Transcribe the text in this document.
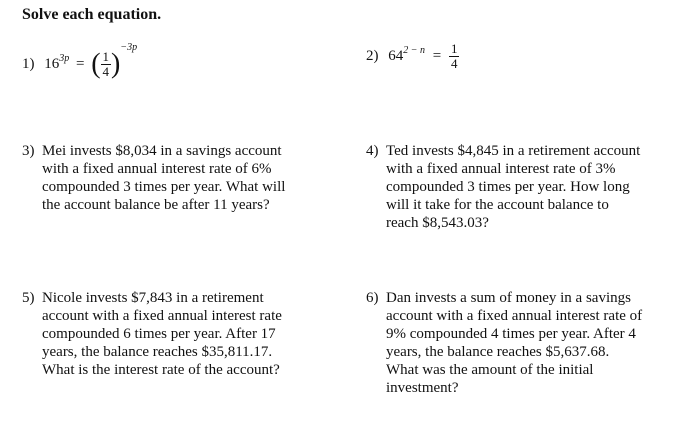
Solve each equation.
1) $16^{3p}$ = ( $\frac{1}{4} )^{-3p}$
2) $64^{2 - n} = \frac{1}{4}$
3) Mei invests $8,034 in a savings account
with a fixed annual interest rate of 6%
compounded 3 times per year. What will
the account balance be after 11 years?
4) Ted invests $4,845 in a retirement account
with a fixed annual interest rate of 3%
compounded 3 times per year. How long
will it take for the account balance to
reach $8,543.03?
5) Nicole invests $7,843 in a retirement
account with a fixed annual interest rate
compounded 6 times per year. After 17
years, the balance reaches $35,811.17.
What is the interest rate of the account?
6) Dan invests a sum of money in a savings
account with a fixed annual interest rate of
9% compounded 4 times per year. After 4
years, the balance reaches $5,637.68.
What was the amount of the initial
investment?
